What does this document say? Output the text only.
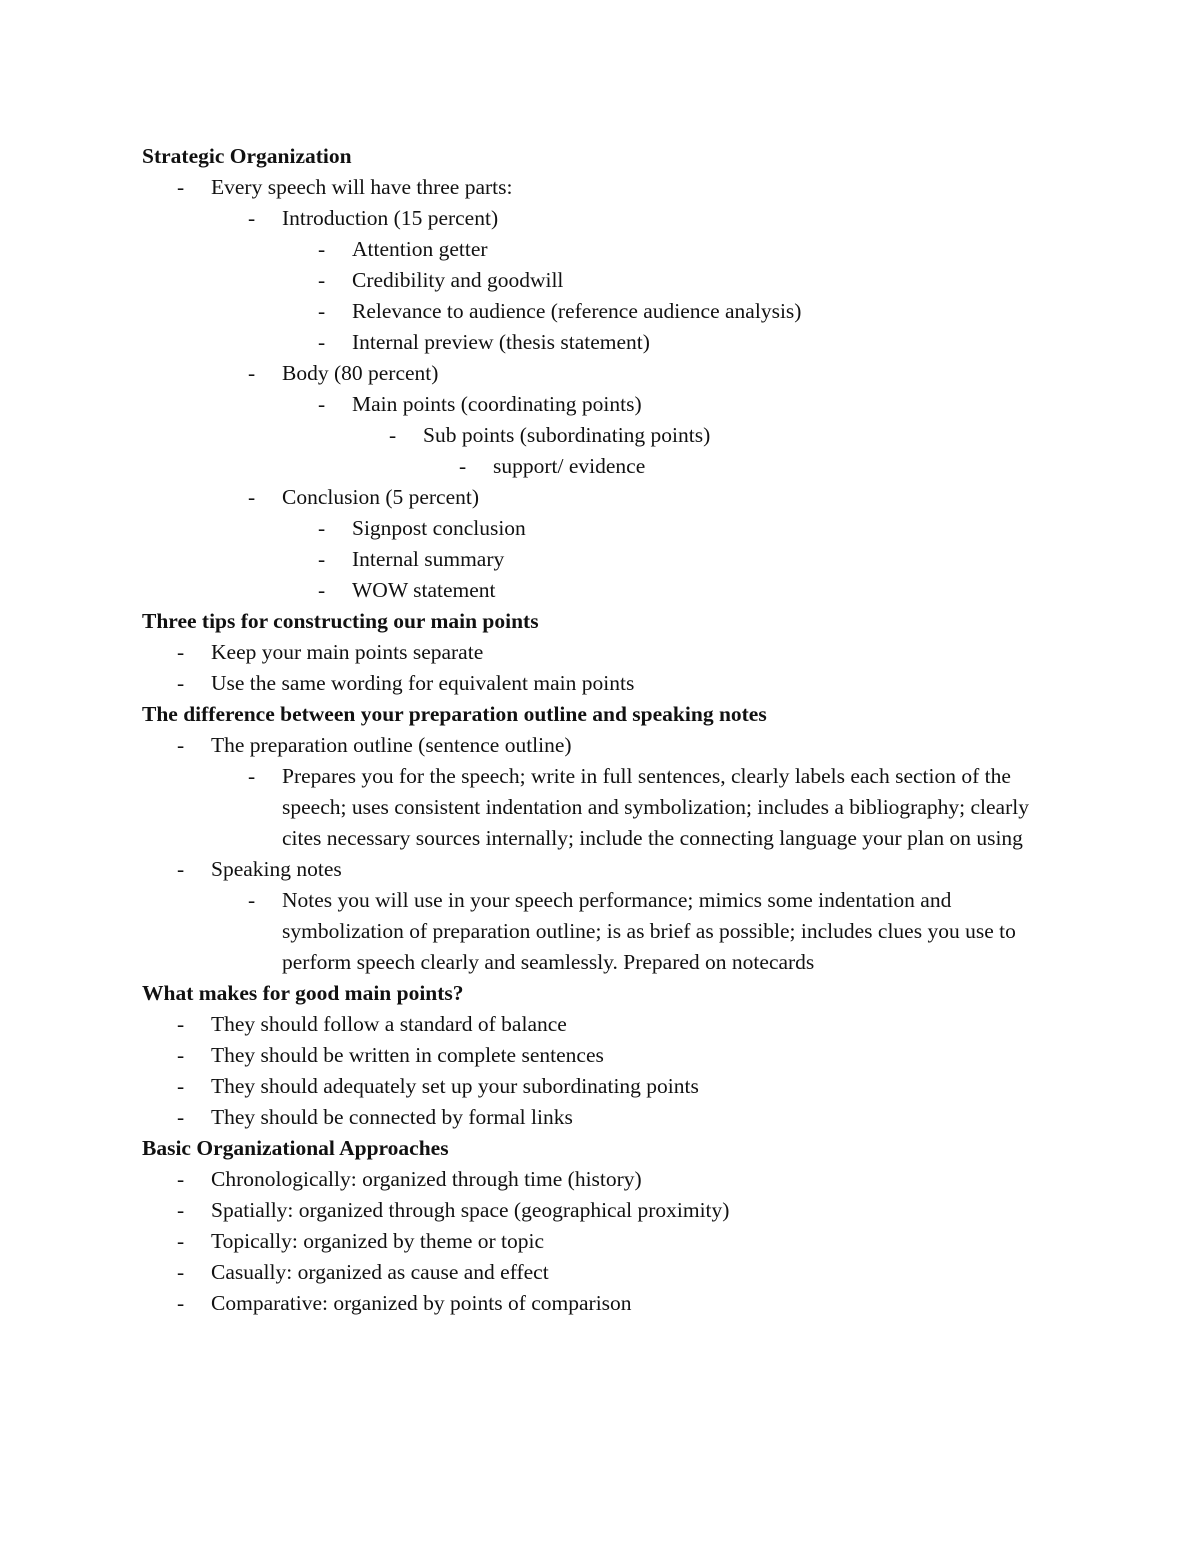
Strategic Organization
- Every speech will have three parts:
- Introduction (15 percent)
- Attention getter
- Credibility and goodwill
- Relevance to audience (reference audience analysis)
- Internal preview (thesis statement)
- Body (80 percent)
- Main points (coordinating points)
- Sub points (subordinating points)
- support/ evidence
- Conclusion (5 percent)
- Signpost conclusion
- Internal summary
- WOW statement
Three tips for constructing our main points
- Keep your main points separate
- Use the same wording for equivalent main points
The difference between your preparation outline and speaking notes
- The preparation outline (sentence outline)
- Prepares you for the speech; write in full sentences, clearly labels each section of the speech; uses consistent indentation and symbolization; includes a bibliography; clearly cites necessary sources internally; include the connecting language your plan on using
- Speaking notes
- Notes you will use in your speech performance; mimics some indentation and symbolization of preparation outline; is as brief as possible; includes clues you use to perform speech clearly and seamlessly. Prepared on notecards
What makes for good main points?
- They should follow a standard of balance
- They should be written in complete sentences
- They should adequately set up your subordinating points
- They should be connected by formal links
Basic Organizational Approaches
- Chronologically: organized through time (history)
- Spatially: organized through space (geographical proximity)
- Topically: organized by theme or topic
- Casually: organized as cause and effect
- Comparative: organized by points of comparison
